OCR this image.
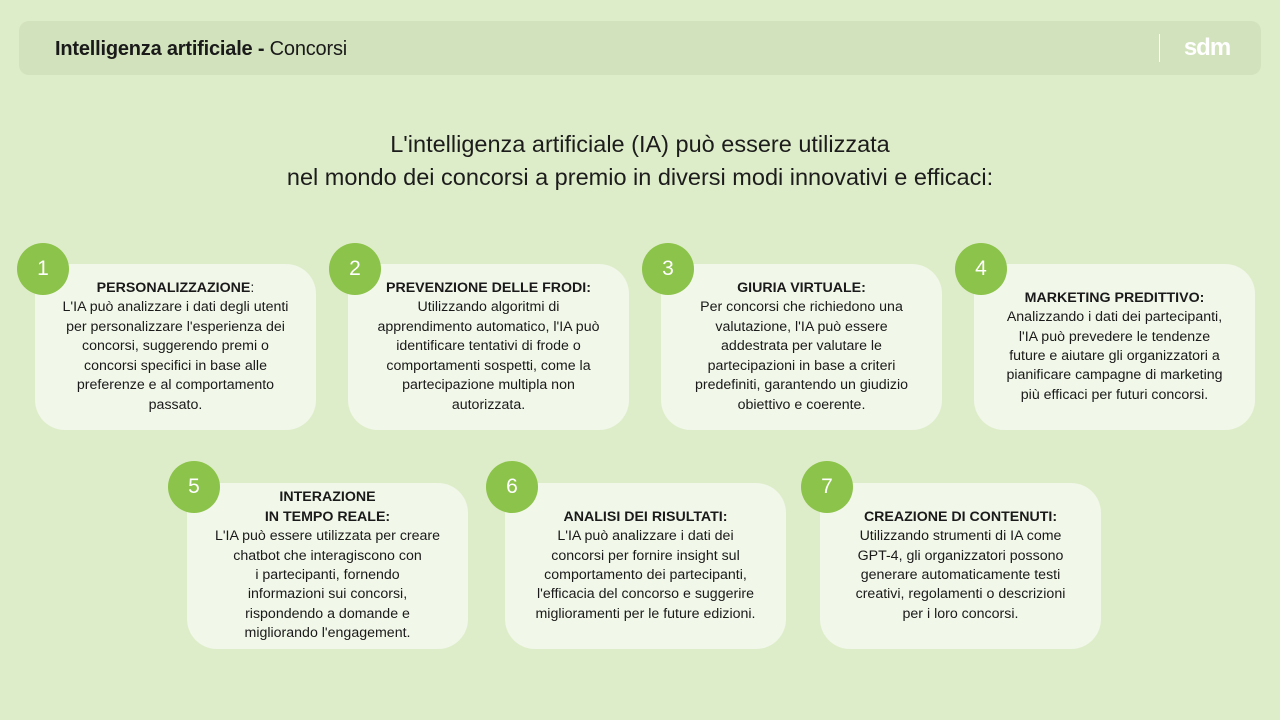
Intelligenza artificiale - Concorsi	sdm
L'intelligenza artificiale (IA) può essere utilizzata
nel mondo dei concorsi a premio in diversi modi innovativi e efficaci:
PERSONALIZZAZIONE:
L'IA può analizzare i dati degli utenti
per personalizzare l'esperienza dei
concorsi, suggerendo premi o
concorsi specifici in base alle
preferenze e al comportamento
passato.
1
PREVENZIONE DELLE FRODI:
Utilizzando algoritmi di
apprendimento automatico, l'IA può
identificare tentativi di frode o
comportamenti sospetti, come la
partecipazione multipla non
autorizzata.
2
GIURIA VIRTUALE:
Per concorsi che richiedono una
valutazione, l'IA può essere
addestrata per valutare le
partecipazioni in base a criteri
predefiniti, garantendo un giudizio
obiettivo e coerente.
3
MARKETING PREDITTIVO:
Analizzando i dati dei partecipanti,
l'IA può prevedere le tendenze
future e aiutare gli organizzatori a
pianificare campagne di marketing
più efficaci per futuri concorsi.
4
INTERAZIONE
IN TEMPO REALE:
L'IA può essere utilizzata per creare
chatbot che interagiscono con
i partecipanti, fornendo
informazioni sui concorsi,
rispondendo a domande e
migliorando l'engagement.
5
ANALISI DEI RISULTATI:
L'IA può analizzare i dati dei
concorsi per fornire insight sul
comportamento dei partecipanti,
l'efficacia del concorso e suggerire
miglioramenti per le future edizioni.
6
CREAZIONE DI CONTENUTI:
Utilizzando strumenti di IA come
GPT-4, gli organizzatori possono
generare automaticamente testi
creativi, regolamenti o descrizioni
per i loro concorsi.
7
